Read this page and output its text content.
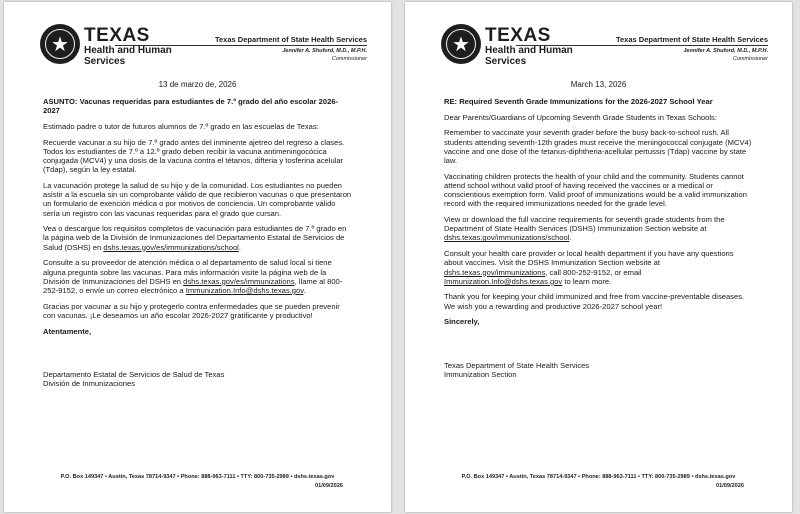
★ TEXAS
Health and Human
Services
Texas Department of State Health Services
Jennifer A. Shuford, M.D., M.P.H.
Commissioner
13 de marzo de, 2026

ASUNTO: Vacunas requeridas para estudiantes de 7.º grado del año escolar 2026-2027

Estimado padre o tutor de futuros alumnos de 7.º grado en las escuelas de Texas:

Recuerde vacunar a su hijo de 7.º grado antes del inminente ajetreo del regreso a clases. Todos los estudiantes de 7.º a 12.º grado deben recibir la vacuna antimeningocócica conjugada (MCV4) y una dosis de la vacuna contra el tétanos, difteria y tosferina acelular (Tdap), según la ley estatal.

La vacunación protege la salud de su hijo y de la comunidad. Los estudiantes no pueden asistir a la escuela sin un comprobante válido de que recibieron vacunas o que presentaron un formulario de exención médica o por motivos de conciencia. Un comprobante válido sería un registro con las vacunas requeridas para el grado que cursan.

Vea o descargue los requisitos completos de vacunación para estudiantes de 7.º grado en la página web de la División de Inmunizaciones del Departamento Estatal de Servicios de Salud (DSHS) en dshs.texas.gov/es/immunizations/school.

Consulte a su proveedor de atención médica o al departamento de salud local si tiene alguna pregunta sobre las vacunas. Para más información visite la página web de la División de Inmunizaciones del DSHS en dshs.texas.gov/es/immunizations, llame al 800-252-9152, o envíe un correo electrónico a Immunization.Info@dshs.texas.gov.

Gracias por vacunar a su hijo y protegerlo contra enfermedades que se pueden prevenir con vacunas. ¡Le deseamos un año escolar 2026-2027 gratificante y productivo!

Atentamente,

Departamento Estatal de Servicios de Salud de Texas
División de Inmunizaciones
P.O. Box 149347 • Austin, Texas 78714-9347 • Phone: 888-963-7111 • TTY: 800-735-2989 • dshs.texas.gov
01/09/2026
★ TEXAS
Health and Human
Services
Texas Department of State Health Services
Jennifer A. Shuford, M.D., M.P.H.
Commissioner
March 13, 2026

RE: Required Seventh Grade Immunizations for the 2026-2027 School Year

Dear Parents/Guardians of Upcoming Seventh Grade Students in Texas Schools:

Remember to vaccinate your seventh grader before the busy back-to-school rush. All students attending seventh-12th grades must receive the meningococcal conjugate (MCV4) vaccine and one dose of the tetanus-diphtheria-acellular pertussis (Tdap) vaccine by state law.

Vaccinating children protects the health of your child and the community. Students cannot attend school without valid proof of having received the vaccines or a medical or conscientious exemption form. Valid proof of immunizations would be a valid immunization record with the required immunizations needed for the grade level.

View or download the full vaccine requirements for seventh grade students from the Department of State Health Services (DSHS) Immunization Section website at dshs.texas.gov/immunizations/school.

Consult your health care provider or local health department if you have any questions about vaccines. Visit the DSHS Immunization Section website at dshs.texas.gov/immunizations, call 800-252-9152, or email Immunization.Info@dshs.texas.gov to learn more.

Thank you for keeping your child immunized and free from vaccine-preventable diseases. We wish you a rewarding and productive 2026-2027 school year!

Sincerely,

Texas Department of State Health Services
Immunization Section
P.O. Box 149347 • Austin, Texas 78714-9347 • Phone: 888-963-7111 • TTY: 800-735-2989 • dshs.texas.gov
01/09/2026
